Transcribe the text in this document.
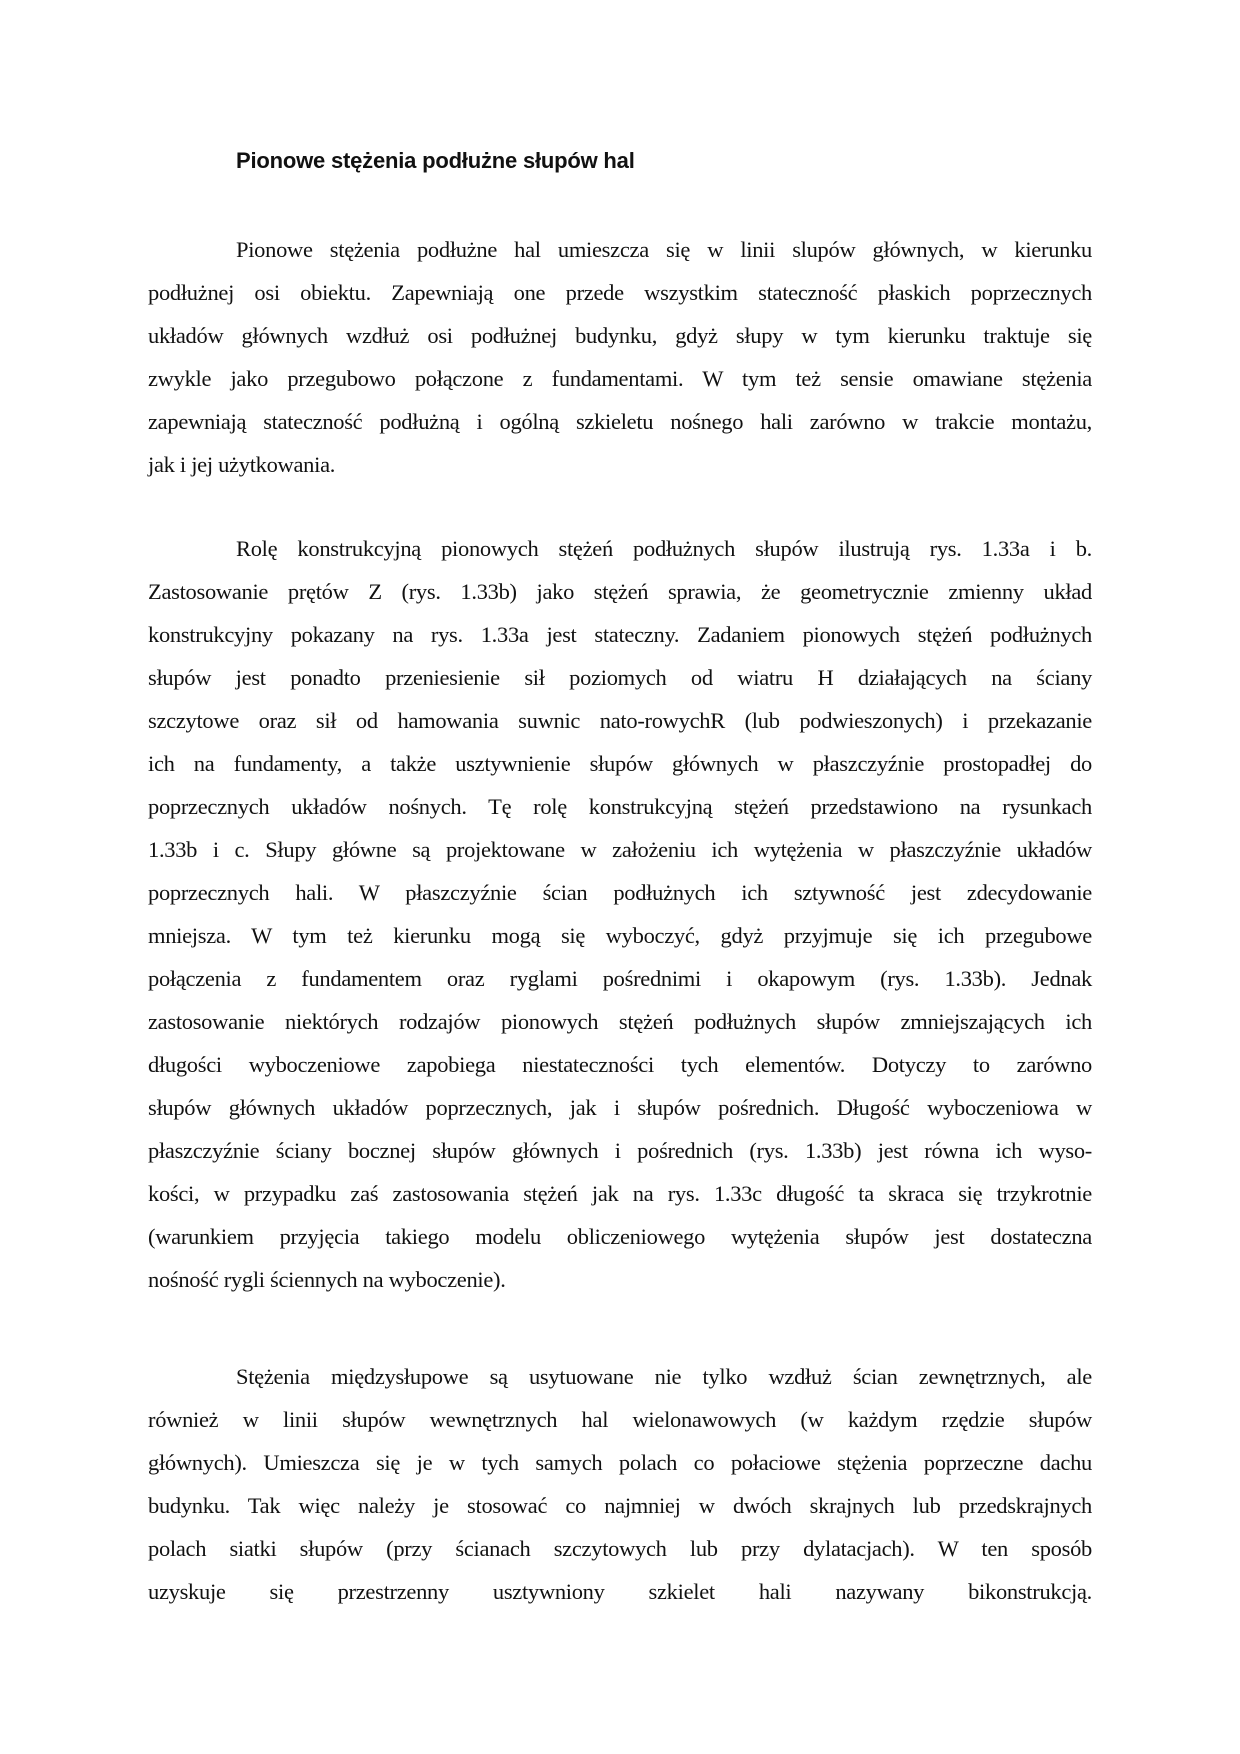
Pionowe stężenia podłużne słupów hal
Pionowe stężenia podłużne hal umieszcza się w linii slupów głównych, w kierunku
podłużnej osi obiektu. Zapewniają one przede wszystkim stateczność płaskich poprzecznych
układów głównych wzdłuż osi podłużnej budynku, gdyż słupy w tym kierunku traktuje się
zwykle jako przegubowo połączone z fundamentami. W tym też sensie omawiane stężenia
zapewniają stateczność podłużną i ogólną szkieletu nośnego hali zarówno w trakcie montażu,
jak i jej użytkowania.
Rolę konstrukcyjną pionowych stężeń podłużnych słupów ilustrują rys. 1.33a i b.
Zastosowanie prętów Z (rys. 1.33b) jako stężeń sprawia, że geometrycznie zmienny układ
konstrukcyjny pokazany na rys. 1.33a jest stateczny. Zadaniem pionowych stężeń podłużnych
słupów jest ponadto przeniesienie sił poziomych od wiatru H działających na ściany
szczytowe oraz sił od hamowania suwnic nato-rowychR (lub podwieszonych) i przekazanie
ich na fundamenty, a także usztywnienie słupów głównych w płaszczyźnie prostopadłej do
poprzecznych układów nośnych. Tę rolę konstrukcyjną stężeń przedstawiono na rysunkach
1.33b i c. Słupy główne są projektowane w założeniu ich wytężenia w płaszczyźnie układów
poprzecznych hali. W płaszczyźnie ścian podłużnych ich sztywność jest zdecydowanie
mniejsza. W tym też kierunku mogą się wyboczyć, gdyż przyjmuje się ich przegubowe
połączenia z fundamentem oraz ryglami pośrednimi i okapowym (rys. 1.33b). Jednak
zastosowanie niektórych rodzajów pionowych stężeń podłużnych słupów zmniejszających ich
długości wyboczeniowe zapobiega niestateczności tych elementów. Dotyczy to zarówno
słupów głównych układów poprzecznych, jak i słupów pośrednich. Długość wyboczeniowa w
płaszczyźnie ściany bocznej słupów głównych i pośrednich (rys. 1.33b) jest równa ich wyso-
kości, w przypadku zaś zastosowania stężeń jak na rys. 1.33c długość ta skraca się trzykrotnie
(warunkiem przyjęcia takiego modelu obliczeniowego wytężenia słupów jest dostateczna
nośność rygli ściennych na wyboczenie).
Stężenia międzysłupowe są usytuowane nie tylko wzdłuż ścian zewnętrznych, ale
również w linii słupów wewnętrznych hal wielonawowych (w każdym rzędzie słupów
głównych). Umieszcza się je w tych samych polach co połaciowe stężenia poprzeczne dachu
budynku. Tak więc należy je stosować co najmniej w dwóch skrajnych lub przedskrajnych
polach siatki słupów (przy ścianach szczytowych lub przy dylatacjach). W ten sposób
uzyskuje się przestrzenny usztywniony szkielet hali nazywany bikonstrukcją.
